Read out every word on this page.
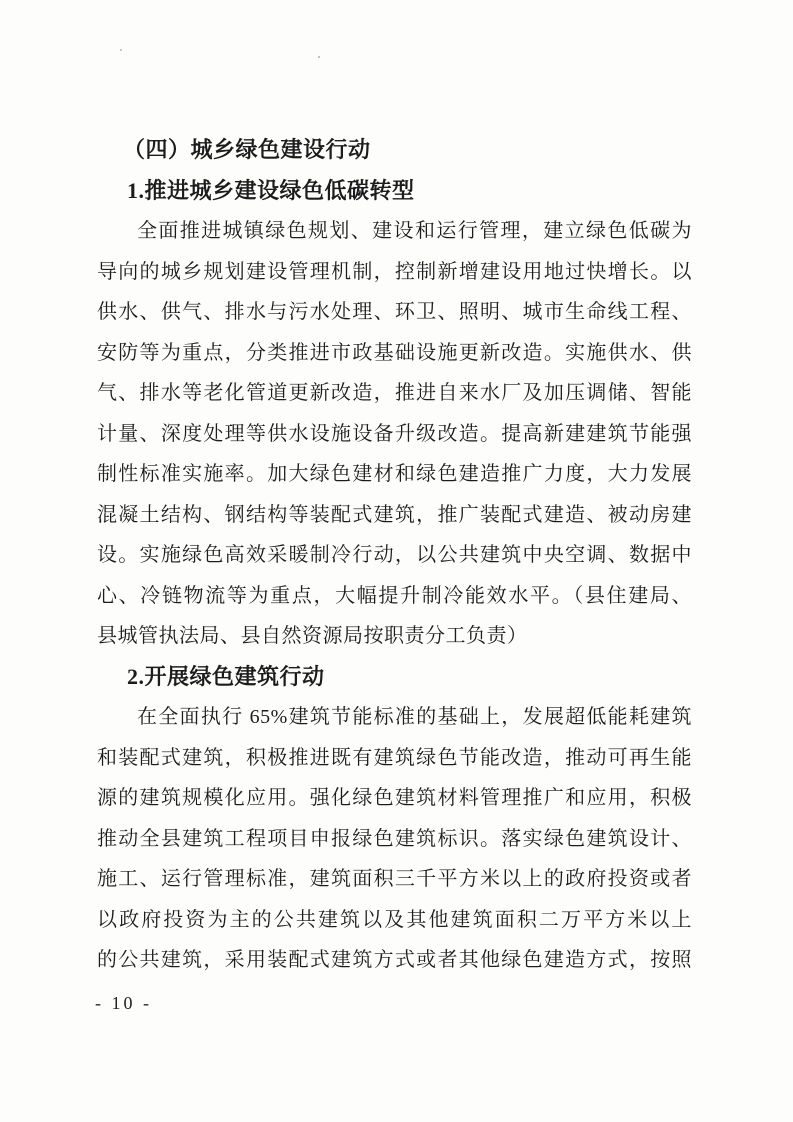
（四）城乡绿色建设行动
1.推进城乡建设绿色低碳转型
全面推进城镇绿色规划、建设和运行管理，建立绿色低碳为
导向的城乡规划建设管理机制，控制新增建设用地过快增长。以
供水、供气、排水与污水处理、环卫、照明、城市生命线工程、
安防等为重点，分类推进市政基础设施更新改造。实施供水、供
气、排水等老化管道更新改造，推进自来水厂及加压调储、智能
计量、深度处理等供水设施设备升级改造。提高新建建筑节能强
制性标准实施率。加大绿色建材和绿色建造推广力度，大力发展
混凝土结构、钢结构等装配式建筑，推广装配式建造、被动房建
设。实施绿色高效采暖制冷行动，以公共建筑中央空调、数据中
心、冷链物流等为重点，大幅提升制冷能效水平。（县住建局、
县城管执法局、县自然资源局按职责分工负责）
2.开展绿色建筑行动
在全面执行 65%建筑节能标准的基础上，发展超低能耗建筑
和装配式建筑，积极推进既有建筑绿色节能改造，推动可再生能
源的建筑规模化应用。强化绿色建筑材料管理推广和应用，积极
推动全县建筑工程项目申报绿色建筑标识。落实绿色建筑设计、
施工、运行管理标准，建筑面积三千平方米以上的政府投资或者
以政府投资为主的公共建筑以及其他建筑面积二万平方米以上
的公共建筑，采用装配式建筑方式或者其他绿色建造方式，按照
- 10 -
